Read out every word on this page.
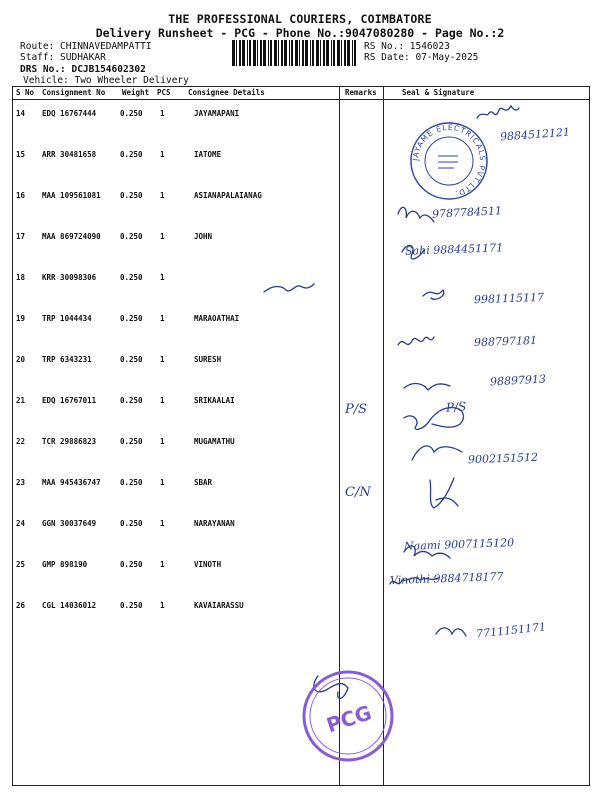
THE PROFESSIONAL COURIERS, COIMBATORE
Delivery Runsheet - PCG - Phone No.:9047080280 - Page No.:2
Route: CHINNAVEDAMPATTI
Staff: SUDHAKAR
DRS No.: DCJB154602302
Vehicle: Two Wheeler Delivery
RS No.: 1546023
RS Date: 07-May-2025
S No Consignment No Weight PCS Consignee Details	Remarks	Seal & Signature
14 EDQ 16767444	0.250 1	JAYAMAPANI
15 ARR 30481658	0.250 1	IATOME
16 MAA 109561081	0.250 1	ASIANAPALAIANAG
17 MAA 869724090	0.250 1	JOHN
18 KRR 30098306	0.250 1
19 TRP 1044434	0.250 1	MARAOATHAI
20 TRP 6343231	0.250 1	SURESH
21 EDQ 16767011	0.250 1	SRIKAALAI
22 TCR 29886823	0.250 1	MUGAMATHU
23 MAA 945436747	0.250 1	SBAR
24 GGN 30037649	0.250 1	NARAYANAN
25 GMP 898190	0.250 1	VINOTH
26 CGL 14036012	0.250 1	KAVAIARASSU
9884512121
9787784511
Sahi 9884451171
9981115117
988797181
98897913
P/S	P/S
9002151512
C/N
Naami 9007115120
Vinothi 9884718177
7711151171
JAYAME ELECTRICALS PVT.LTD.
PCG
